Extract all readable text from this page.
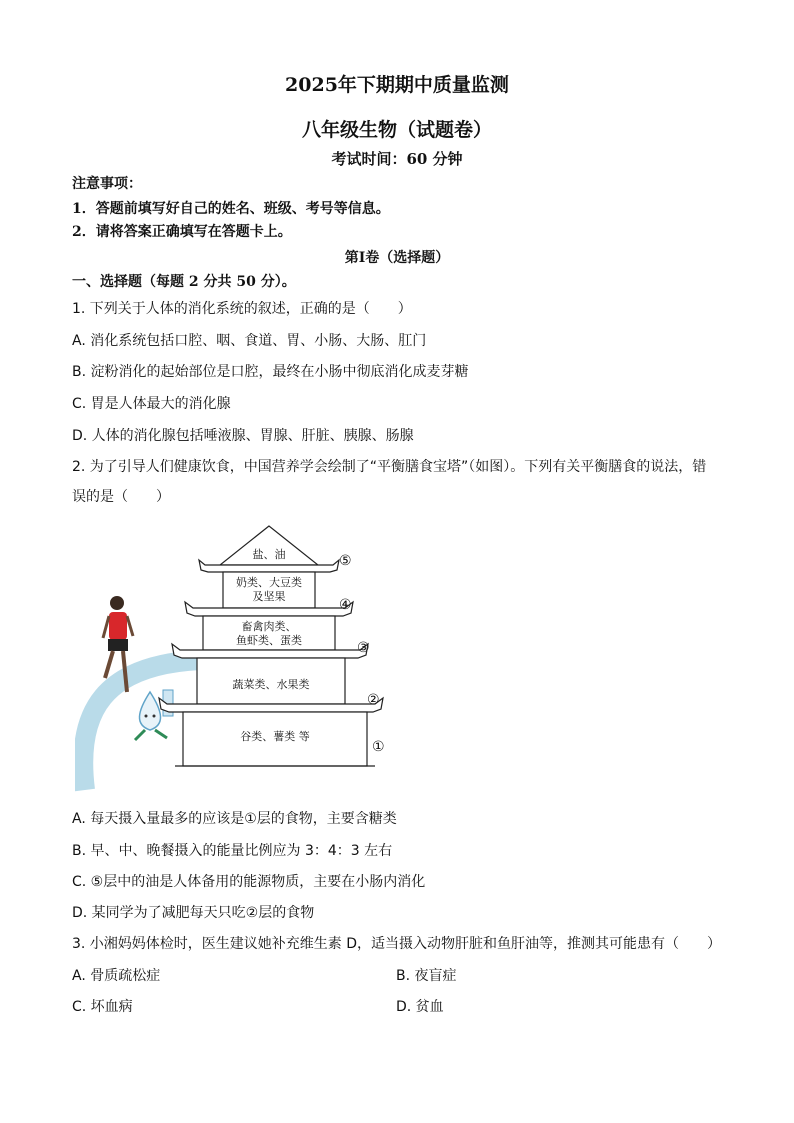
2025年下期期中质量监测
八年级生物（试题卷）
考试时间：60 分钟
注意事项：
1．答题前填写好自己的姓名、班级、考号等信息。
2．请将答案正确填写在答题卡上。
第Ⅰ卷（选择题）
一、选择题（每题 2 分共 50 分）。
1. 下列关于人体的消化系统的叙述，正确的是（　　）
A. 消化系统包括口腔、咽、食道、胃、小肠、大肠、肛门
B. 淀粉消化的起始部位是口腔，最终在小肠中彻底消化成麦芽糖
C. 胃是人体最大的消化腺
D. 人体的消化腺包括唾液腺、胃腺、肝脏、胰腺、肠腺
2. 为了引导人们健康饮食，中国营养学会绘制了“平衡膳食宝塔”（如图）。下列有关平衡膳食的说法，错
误的是（　　）
盐、油
奶类、大豆类
及坚果
畜禽肉类、
鱼虾类、蛋类
蔬菜类、水果类
谷类、薯类 等
⑤
④
③
②
①
A. 每天摄入量最多的应该是①层的食物，主要含糖类
B. 早、中、晚餐摄入的能量比例应为 3：4：3 左右
C. ⑤层中的油是人体备用的能源物质，主要在小肠内消化
D. 某同学为了减肥每天只吃②层的食物
3. 小湘妈妈体检时，医生建议她补充维生素 D，适当摄入动物肝脏和鱼肝油等，推测其可能患有（　　）
A. 骨质疏松症	B. 夜盲症
C. 坏血病	D. 贫血
